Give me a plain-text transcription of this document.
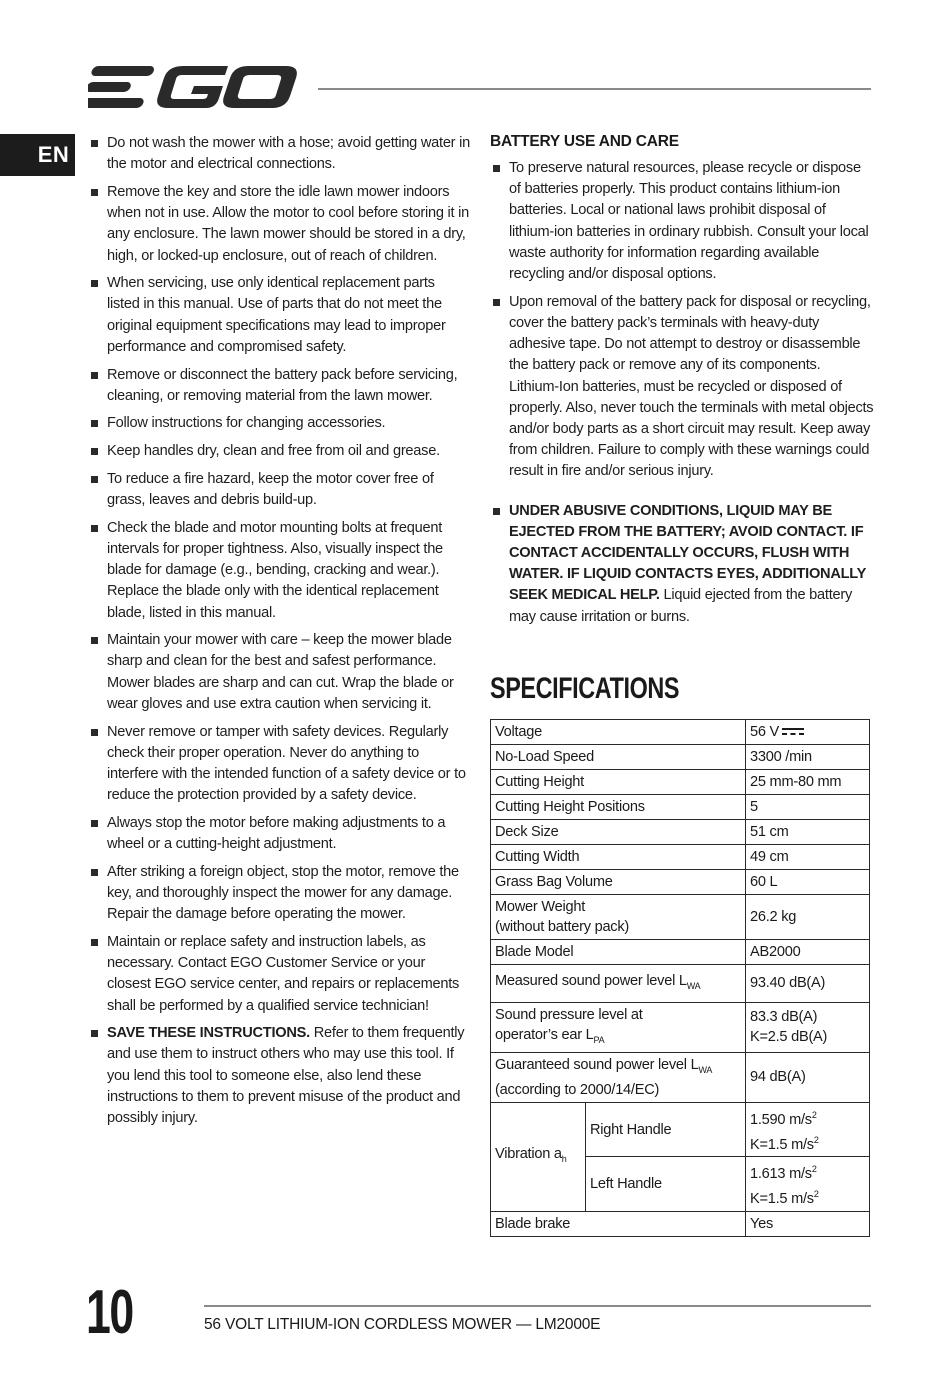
EN	Do not wash the mower with a hose; avoid getting water in the motor and electrical connections.
Remove the key and store the idle lawn mower indoors when not in use. Allow the motor to cool before storing it in any enclosure. The lawn mower should be stored in a dry, high, or locked-up enclosure, out of reach of children.
When servicing, use only identical replacement parts listed in this manual. Use of parts that do not meet the original equipment specifications may lead to improper performance and compromised safety.
Remove or disconnect the battery pack before servicing, cleaning, or removing material from the lawn mower.
Follow instructions for changing accessories.
Keep handles dry, clean and free from oil and grease.
To reduce a fire hazard, keep the motor cover free of grass, leaves and debris build-up.
Check the blade and motor mounting bolts at frequent intervals for proper tightness. Also, visually inspect the blade for damage (e.g., bending, cracking and wear.). Replace the blade only with the identical replacement blade, listed in this manual.
Maintain your mower with care – keep the mower blade sharp and clean for the best and safest performance. Mower blades are sharp and can cut. Wrap the blade or wear gloves and use extra caution when servicing it.
Never remove or tamper with safety devices. Regularly check their proper operation. Never do anything to interfere with the intended function of a safety device or to reduce the protection provided by a safety device.
Always stop the motor before making adjustments to a wheel or a cutting-height adjustment.
After striking a foreign object, stop the motor, remove the key, and thoroughly inspect the mower for any damage. Repair the damage before operating the mower.
Maintain or replace safety and instruction labels, as necessary. Contact EGO Customer Service or your closest EGO service center, and repairs or replacements shall be performed by a qualified service technician!
SAVE THESE INSTRUCTIONS. Refer to them frequently and use them to instruct others who may use this tool. If you lend this tool to someone else, also lend these instructions to them to prevent misuse of the product and possibly injury.
BATTERY USE AND CARE
To preserve natural resources, please recycle or dispose of batteries properly. This product contains lithium-ion batteries. Local or national laws prohibit disposal of lithium-ion batteries in ordinary rubbish. Consult your local waste authority for information regarding available recycling and/or disposal options.
Upon removal of the battery pack for disposal or recycling, cover the battery pack’s terminals with heavy-duty adhesive tape. Do not attempt to destroy or disassemble the battery pack or remove any of its components. Lithium-Ion batteries, must be recycled or disposed of properly. Also, never touch the terminals with metal objects and/or body parts as a short circuit may result. Keep away from children. Failure to comply with these warnings could result in fire and/or serious injury.
UNDER ABUSIVE CONDITIONS, LIQUID MAY BE EJECTED FROM THE BATTERY; AVOID CONTACT. IF CONTACT ACCIDENTALLY OCCURS, FLUSH WITH WATER. IF LIQUID CONTACTS EYES, ADDITIONALLY SEEK MEDICAL HELP. Liquid ejected from the battery may cause irritation or burns.
SPECIFICATIONS
Voltage		56 V
No-Load Speed		3300 /min
Cutting Height		25 mm-80 mm
Cutting Height Positions		5
Deck Size		51 cm
Cutting Width		49 cm
Grass Bag Volume		60 L
Mower Weight
(without battery pack)		26.2 kg
Blade Model		AB2000
Measured sound power level $L_{WA}$		93.40 dB(A)
Sound pressure level at
operator’s ear $L_{PA}$		83.3 dB(A)
K=2.5 dB(A)
Guaranteed sound power level $L_{WA}$
(according to 2000/14/EC)		94 dB(A)
Vibration $a_h$	Right Handle	1.590 $m/s^2$
K=1.5 $m/s^2$
	Left Handle	1.613 $m/s^2$
K=1.5 $m/s^2$
Blade brake		Yes
10	56 VOLT LITHIUM-ION CORDLESS MOWER — LM2000E
